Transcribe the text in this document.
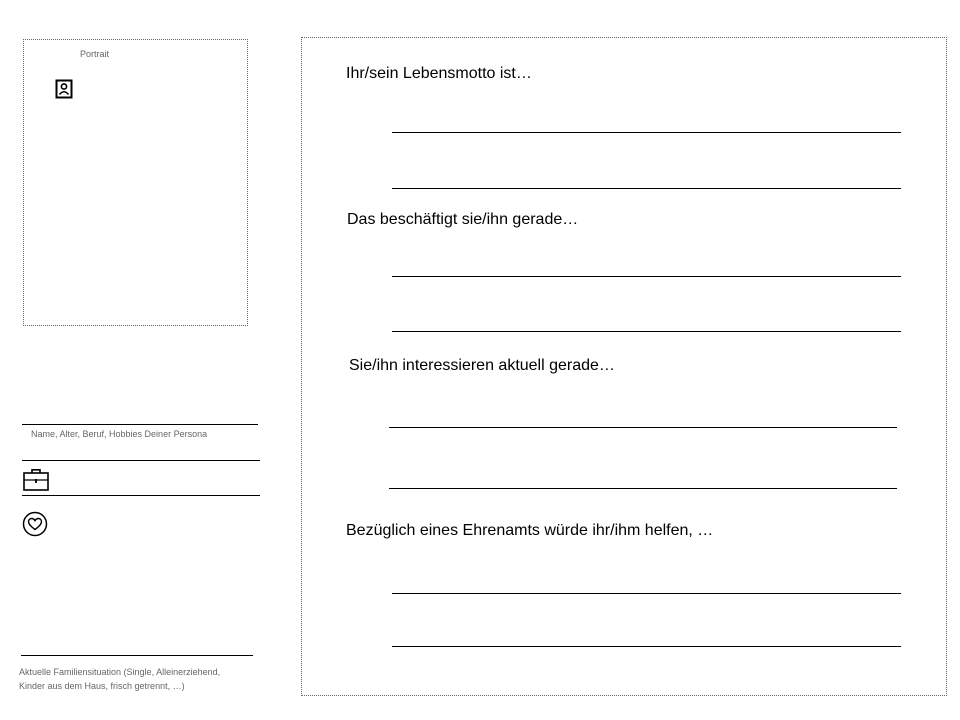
Portrait
Name, Alter, Beruf, Hobbies Deiner Persona
Aktuelle Familiensituation (Single, Alleinerziehend,
Kinder aus dem Haus, frisch getrennt, …)
Ihr/sein Lebensmotto ist…
Das beschäftigt sie/ihn gerade…
Sie/ihn interessieren aktuell gerade…
Bezüglich eines Ehrenamts würde ihr/ihm helfen, …
